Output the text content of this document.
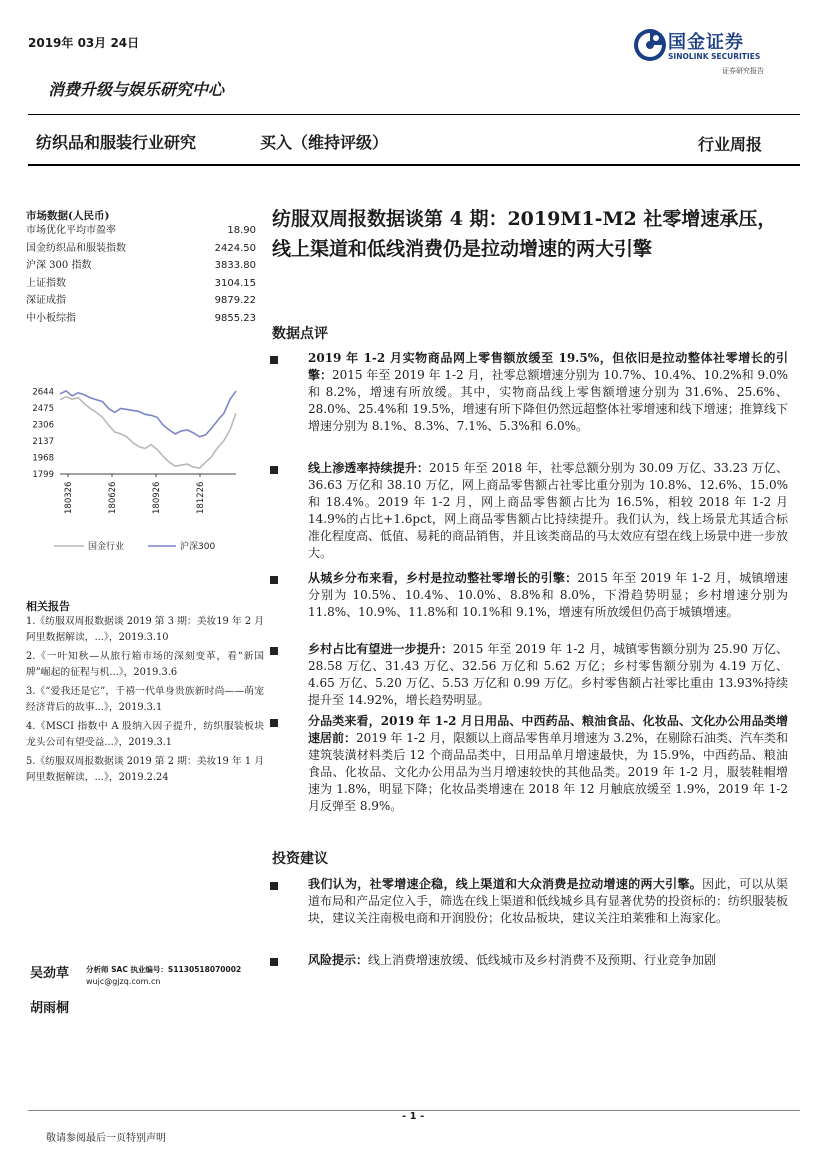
2019年 03月 24日	国金证券
SINOLINK SECURITIES
证券研究报告
消费升级与娱乐研究中心
纺织品和服装行业研究	买入（维持评级）	行业周报
市场数据(人民币)
市场优化平均市盈率	18.90
国金纺织品和服装指数	2424.50
沪深 300 指数	3833.80
上证指数	3104.15
深证成指	9879.22
中小板综指	9855.23
2644
2475
2306
2137
1968
1799
180326	180626	180926	181226
国金行业	沪深300
相关报告
1.《纺服双周报数据谈 2019 第 3 期：美妆19 年 2 月阿里数据解读，...》，2019.3.10
2.《一叶知秋—从旅行箱市场的深刻变革，看“新国牌”崛起的征程与机...》，2019.3.6
3.《“爱我还是它”，千禧一代单身贵族新时尚——萌宠经济背后的故事...》，2019.3.1
4.《MSCI 指数中 A 股纳入因子提升，纺织服装板块龙头公司有望受益...》，2019.3.1
5.《纺服双周报数据谈 2019 第 2 期：美妆19 年 1 月阿里数据解读，...》，2019.2.24
吴劲草 分析师 SAC 执业编号：S1130518070002
wujc@gjzq.com.cn
胡雨桐
纺服双周报数据谈第 4 期：2019M1-M2 社零增速承压，线上渠道和低线消费仍是拉动增速的两大引擎
数据点评
2019 年 1-2 月实物商品网上零售额放缓至 19.5%，但依旧是拉动整体社零增长的引擎：2015 年至 2019 年 1-2 月，社零总额增速分别为 10.7%、10.4%、10.2%和 9.0%和 8.2%，增速有所放缓。其中，实物商品线上零售额增速分别为 31.6%、25.6%、28.0%、25.4%和 19.5%，增速有所下降但仍然远超整体社零增速和线下增速；推算线下增速分别为 8.1%、8.3%、7.1%、5.3%和 6.0%。
线上渗透率持续提升：2015 年至 2018 年，社零总额分别为 30.09 万亿、33.23 万亿、36.63 万亿和 38.10 万亿，网上商品零售额占社零比重分别为 10.8%、12.6%、15.0%和 18.4%。2019 年 1-2 月，网上商品零售额占比为 16.5%，相较 2018 年 1-2 月 14.9%的占比+1.6pct，网上商品零售额占比持续提升。我们认为，线上场景尤其适合标准化程度高、低值、易耗的商品销售，并且该类商品的马太效应有望在线上场景中进一步放大。
从城乡分布来看，乡村是拉动整社零增长的引擎：2015 年至 2019 年 1-2 月，城镇增速分别为 10.5%、10.4%、10.0%、8.8%和 8.0%，下滑趋势明显；乡村增速分别为 11.8%、10.9%、11.8%和 10.1%和 9.1%，增速有所放缓但仍高于城镇增速。
乡村占比有望进一步提升：2015 年至 2019 年 1-2 月，城镇零售额分别为 25.90 万亿、28.58 万亿、31.43 万亿、32.56 万亿和 5.62 万亿；乡村零售额分别为 4.19 万亿、4.65 万亿、5.20 万亿、5.53 万亿和 0.99 万亿。乡村零售额占社零比重由 13.93%持续提升至 14.92%，增长趋势明显。
分品类来看，2019 年 1-2 月日用品、中西药品、粮油食品、化妆品、文化办公用品类增速居前：2019 年 1-2 月，限额以上商品零售单月增速为 3.2%，在剔除石油类、汽车类和建筑装潢材料类后 12 个商品品类中，日用品单月增速最快，为 15.9%，中西药品、粮油食品、化妆品、文化办公用品为当月增速较快的其他品类。2019 年 1-2 月，服装鞋帽增速为 1.8%，明显下降；化妆品类增速在 2018 年 12 月触底放缓至 1.9%，2019 年 1-2 月反弹至 8.9%。
投资建议
我们认为，社零增速企稳，线上渠道和大众消费是拉动增速的两大引擎。因此，可以从渠道布局和产品定位入手，筛选在线上渠道和低线城乡具有显著优势的投资标的：纺织服装板块，建议关注南极电商和开润股份；化妆品板块，建议关注珀莱雅和上海家化。
风险提示：线上消费增速放缓、低线城市及乡村消费不及预期、行业竞争加剧
- 1 -
敬请参阅最后一页特别声明
